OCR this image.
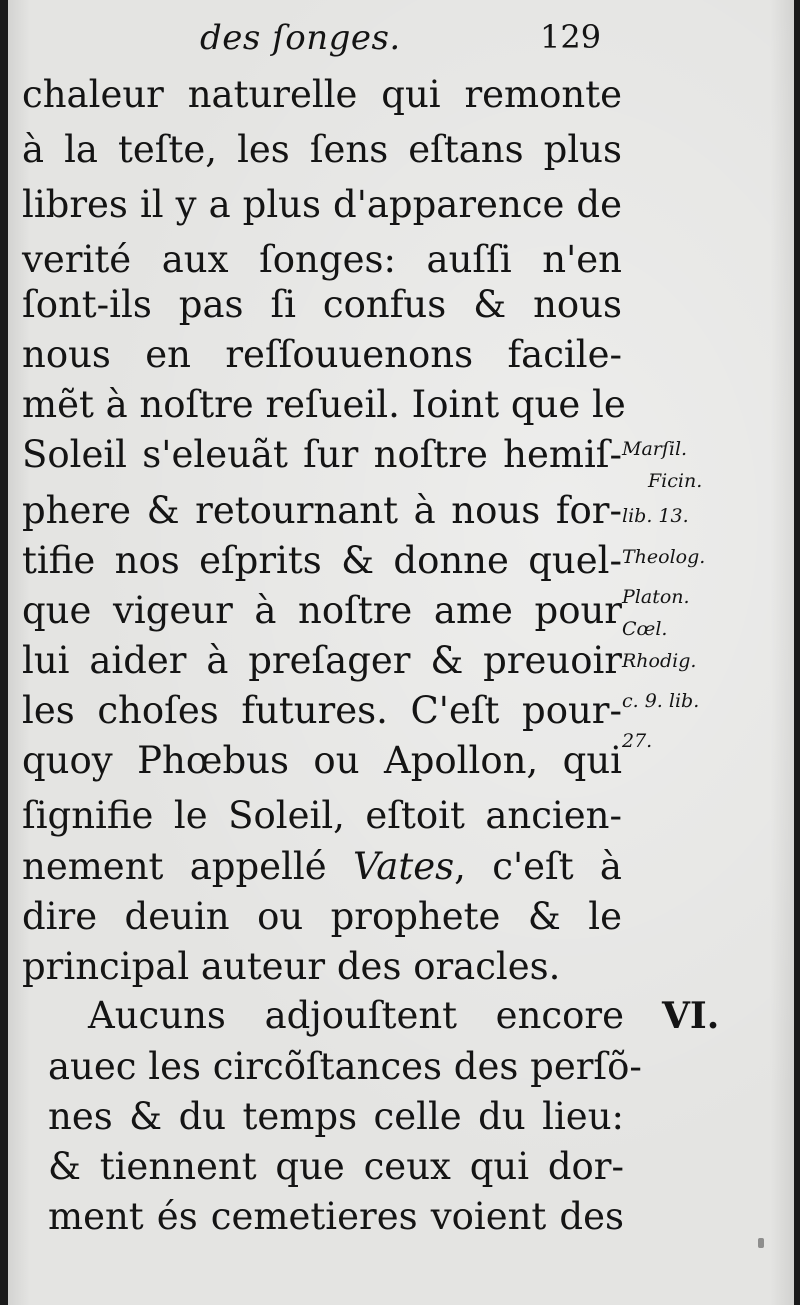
des ſonges.	129
chaleur naturelle qui remonte
à la teſte, les ſens eſtans plus
libres il y a plus d'apparence de
verité aux ſonges: auſſi n'en
ſont-ils pas ſi confus & nous
nous en reſſouuenons facile-
mẽt à noſtre reſueil. Ioint que le
Soleil s'eleuãt ſur noſtre hemiſ-
phere & retournant à nous for-
tifie nos eſprits & donne quel-
que vigeur à noſtre ame pour
lui aider à preſager & preuoir
les choſes futures. C'eſt pour-
quoy Phœbus ou Apollon, qui
ſignifie le Soleil, eſtoit ancien-
nement appellé Vates, c'eſt à
dire deuin ou prophete & le
principal auteur des oracles.
Aucuns adjouſtent encore
auec les circõſtances des perſõ-
nes & du temps celle du lieu:
& tiennent que ceux qui dor-
ment és cemetieres voient des
Marſil.
Ficin.
lib. 13.
Theolog.
Platon.
Cœl.
Rhodig.
c. 9. lib.
27.
VI.
